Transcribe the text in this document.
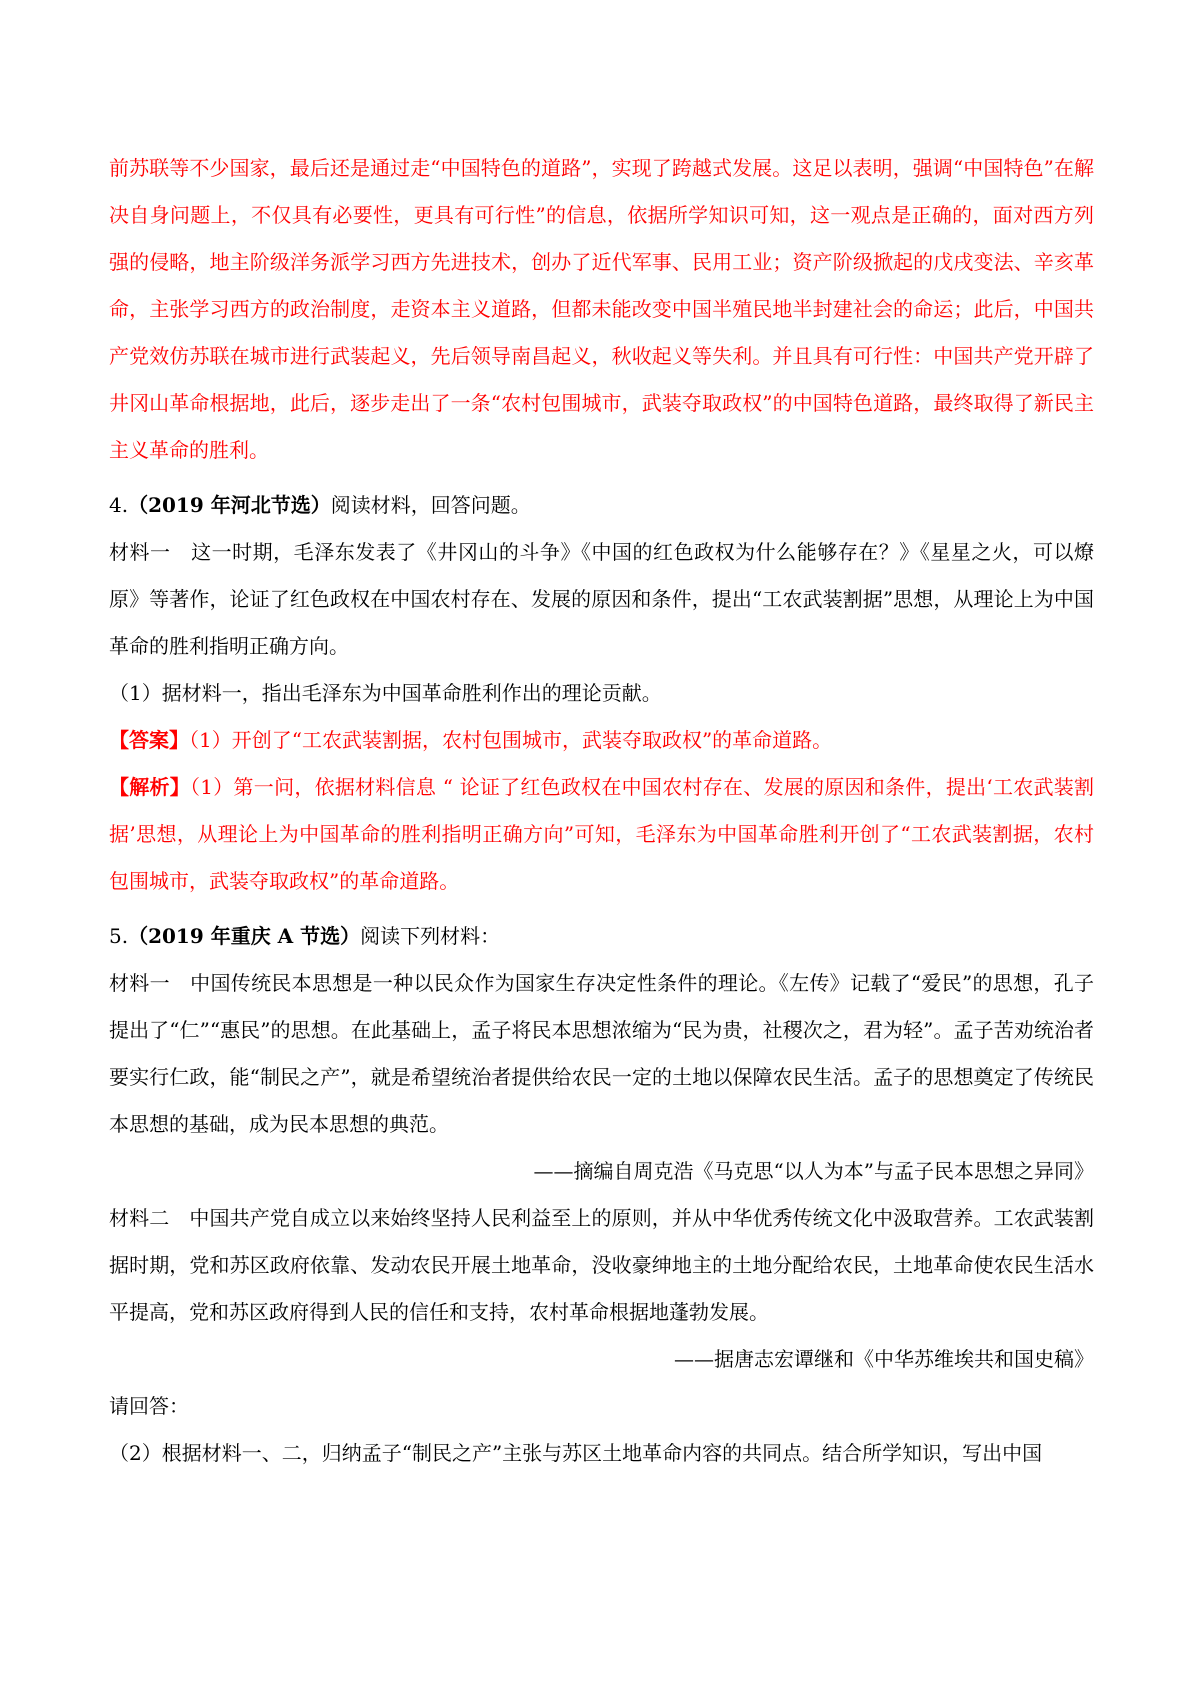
前苏联等不少国家，最后还是通过走“中国特色的道路”，实现了跨越式发展。这足以表明，强调“中国特色”在解决自身问题上，不仅具有必要性，更具有可行性”的信息，依据所学知识可知，这一观点是正确的，面对西方列强的侵略，地主阶级洋务派学习西方先进技术，创办了近代军事、民用工业；资产阶级掀起的戊戌变法、辛亥革命，主张学习西方的政治制度，走资本主义道路，但都未能改变中国半殖民地半封建社会的命运；此后，中国共产党效仿苏联在城市进行武装起义，先后领导南昌起义，秋收起义等失利。并且具有可行性：中国共产党开辟了井冈山革命根据地，此后，逐步走出了一条“农村包围城市，武装夺取政权”的中国特色道路，最终取得了新民主主义革命的胜利。

4.（2019 年河北节选）阅读材料，回答问题。

材料一　这一时期，毛泽东发表了《井冈山的斗争》《中国的红色政权为什么能够存在？》《星星之火，可以燎原》等著作，论证了红色政权在中国农村存在、发展的原因和条件，提出“工农武装割据”思想，从理论上为中国革命的胜利指明正确方向。

（1）据材料一，指出毛泽东为中国革命胜利作出的理论贡献。

【答案】（1）开创了“工农武装割据，农村包围城市，武装夺取政权”的革命道路。

【解析】（1）第一问，依据材料信息 “ 论证了红色政权在中国农村存在、发展的原因和条件，提出‘工农武装割据’思想，从理论上为中国革命的胜利指明正确方向”可知，毛泽东为中国革命胜利开创了“工农武装割据，农村包围城市，武装夺取政权”的革命道路。

5.（2019 年重庆 A 节选）阅读下列材料：

材料一　中国传统民本思想是一种以民众作为国家生存决定性条件的理论。《左传》记载了“爱民”的思想，孔子提出了“仁”“惠民”的思想。在此基础上，孟子将民本思想浓缩为“民为贵，社稷次之，君为轻”。孟子苦劝统治者要实行仁政，能“制民之产”，就是希望统治者提供给农民一定的土地以保障农民生活。孟子的思想奠定了传统民本思想的基础，成为民本思想的典范。

——摘编自周克浩《马克思“以人为本”与孟子民本思想之异同》

材料二　中国共产党自成立以来始终坚持人民利益至上的原则，并从中华优秀传统文化中汲取营养。工农武装割据时期，党和苏区政府依靠、发动农民开展土地革命，没收豪绅地主的土地分配给农民，土地革命使农民生活水平提高，党和苏区政府得到人民的信任和支持，农村革命根据地蓬勃发展。

——据唐志宏谭继和《中华苏维埃共和国史稿》

请回答：

（2）根据材料一、二，归纳孟子“制民之产”主张与苏区土地革命内容的共同点。结合所学知识，写出中国
